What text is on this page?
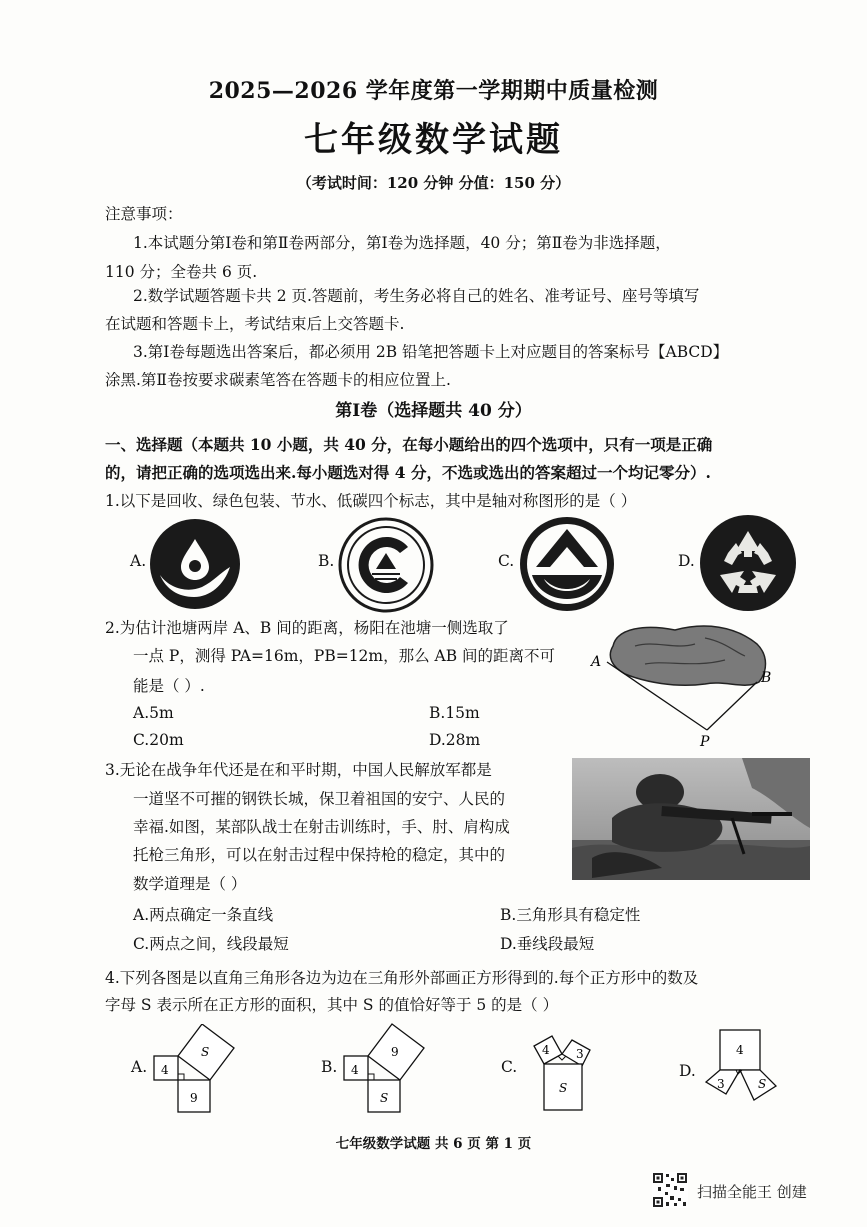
2025—2026 学年度第一学期期中质量检测
七年级数学试题
（考试时间：120 分钟 分值：150 分）
注意事项：
1.本试题分第Ⅰ卷和第Ⅱ卷两部分，第Ⅰ卷为选择题，40 分；第Ⅱ卷为非选择题，
110 分；全卷共 6 页.
2.数学试题答题卡共 2 页.答题前，考生务必将自己的姓名、准考证号、座号等填写
在试题和答题卡上，考试结束后上交答题卡.
3.第Ⅰ卷每题选出答案后，都必须用 2B 铅笔把答题卡上对应题目的答案标号【ABCD】
涂黑.第Ⅱ卷按要求碳素笔答在答题卡的相应位置上.
第Ⅰ卷（选择题共 40 分）
一、选择题（本题共 10 小题，共 40 分，在每小题给出的四个选项中，只有一项是正确
的，请把正确的选项选出来.每小题选对得 4 分，不选或选出的答案超过一个均记零分）.
1.以下是回收、绿色包装、节水、低碳四个标志，其中是轴对称图形的是（ ）
A.	B.	C.	D.
2.为估计池塘两岸 A、B 间的距离，杨阳在池塘一侧选取了
一点 P，测得 PA=16m，PB=12m，那么 AB 间的距离不可
能是（ ）.
A.5m	B.15m
C.20m	D.28m
A
B
P
3.无论在战争年代还是在和平时期，中国人民解放军都是
一道坚不可摧的钢铁长城，保卫着祖国的安宁、人民的
幸福.如图，某部队战士在射击训练时，手、肘、肩构成
托枪三角形，可以在射击过程中保持枪的稳定，其中的
数学道理是（ ）
A.两点确定一条直线	B.三角形具有稳定性
C.两点之间，线段最短	D.垂线段最短
4.下列各图是以直角三角形各边为边在三角形外部画正方形得到的.每个正方形中的数及
字母 S 表示所在正方形的面积，其中 S 的值恰好等于 5 的是（ ）
A.	B.	C.	D.
4
S
9
4
9
S
4 3
S
4
3	S
七年级数学试题 共 6 页 第 1 页
扫描全能王 创建
